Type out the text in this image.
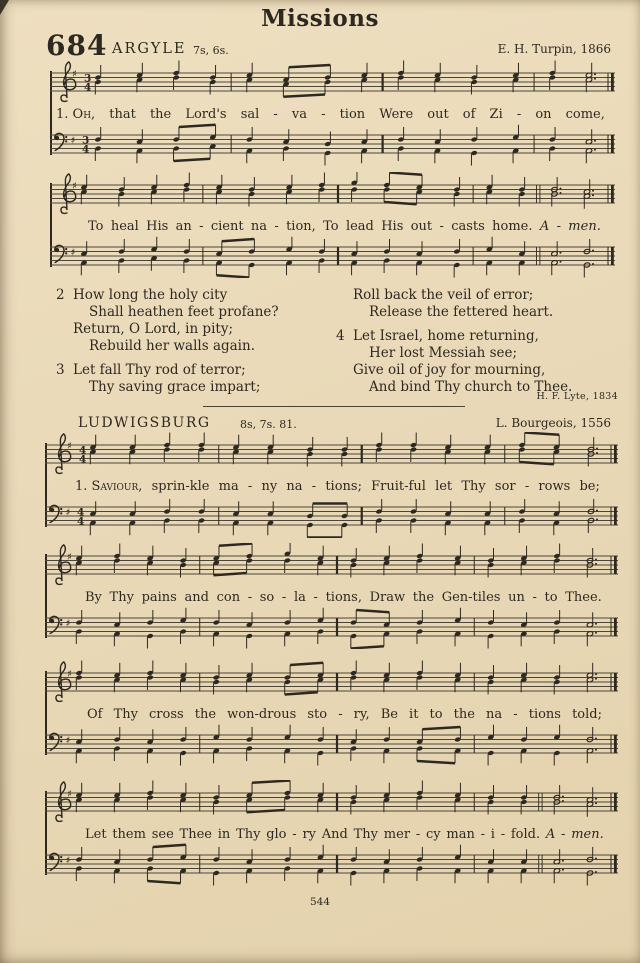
Missions
684 ARGYLE 7s, 6s.	E. H. Turpin, 1866
♯ 3
4
1. Oh, that the Lord's sal - va - tion Were out of Zi - on come,
♯ 3
4
♯
To heal His an - cient na - tion, To lead His out - casts home. A - men.
♯
2 How long the holy city
Shall heathen feet profane?
Return, O Lord, in pity;
Rebuild her walls again.
3 Let fall Thy rod of terror;
Thy saving grace impart;
Roll back the veil of error;
Release the fettered heart.
4 Let Israel, home returning,
Her lost Messiah see;
Give oil of joy for mourning,
And bind Thy church to Thee.
H. F. Lyte, 1834
LUDWIGSBURG	8s, 7s. 81.	L. Bourgeois, 1556
♯ 4
4
1. Saviour, sprin-kle ma - ny na - tions; Fruit-ful let Thy sor - rows be;
♯ 4
4
♯
By Thy pains and con - so - la - tions, Draw the Gen-tiles un - to Thee.
♯
♯
Of Thy cross the won-drous sto - ry, Be it to the na - tions told;
♯
♯
Let them see Thee in Thy glo - ry And Thy mer - cy man - i - fold. A - men.
♯
544
